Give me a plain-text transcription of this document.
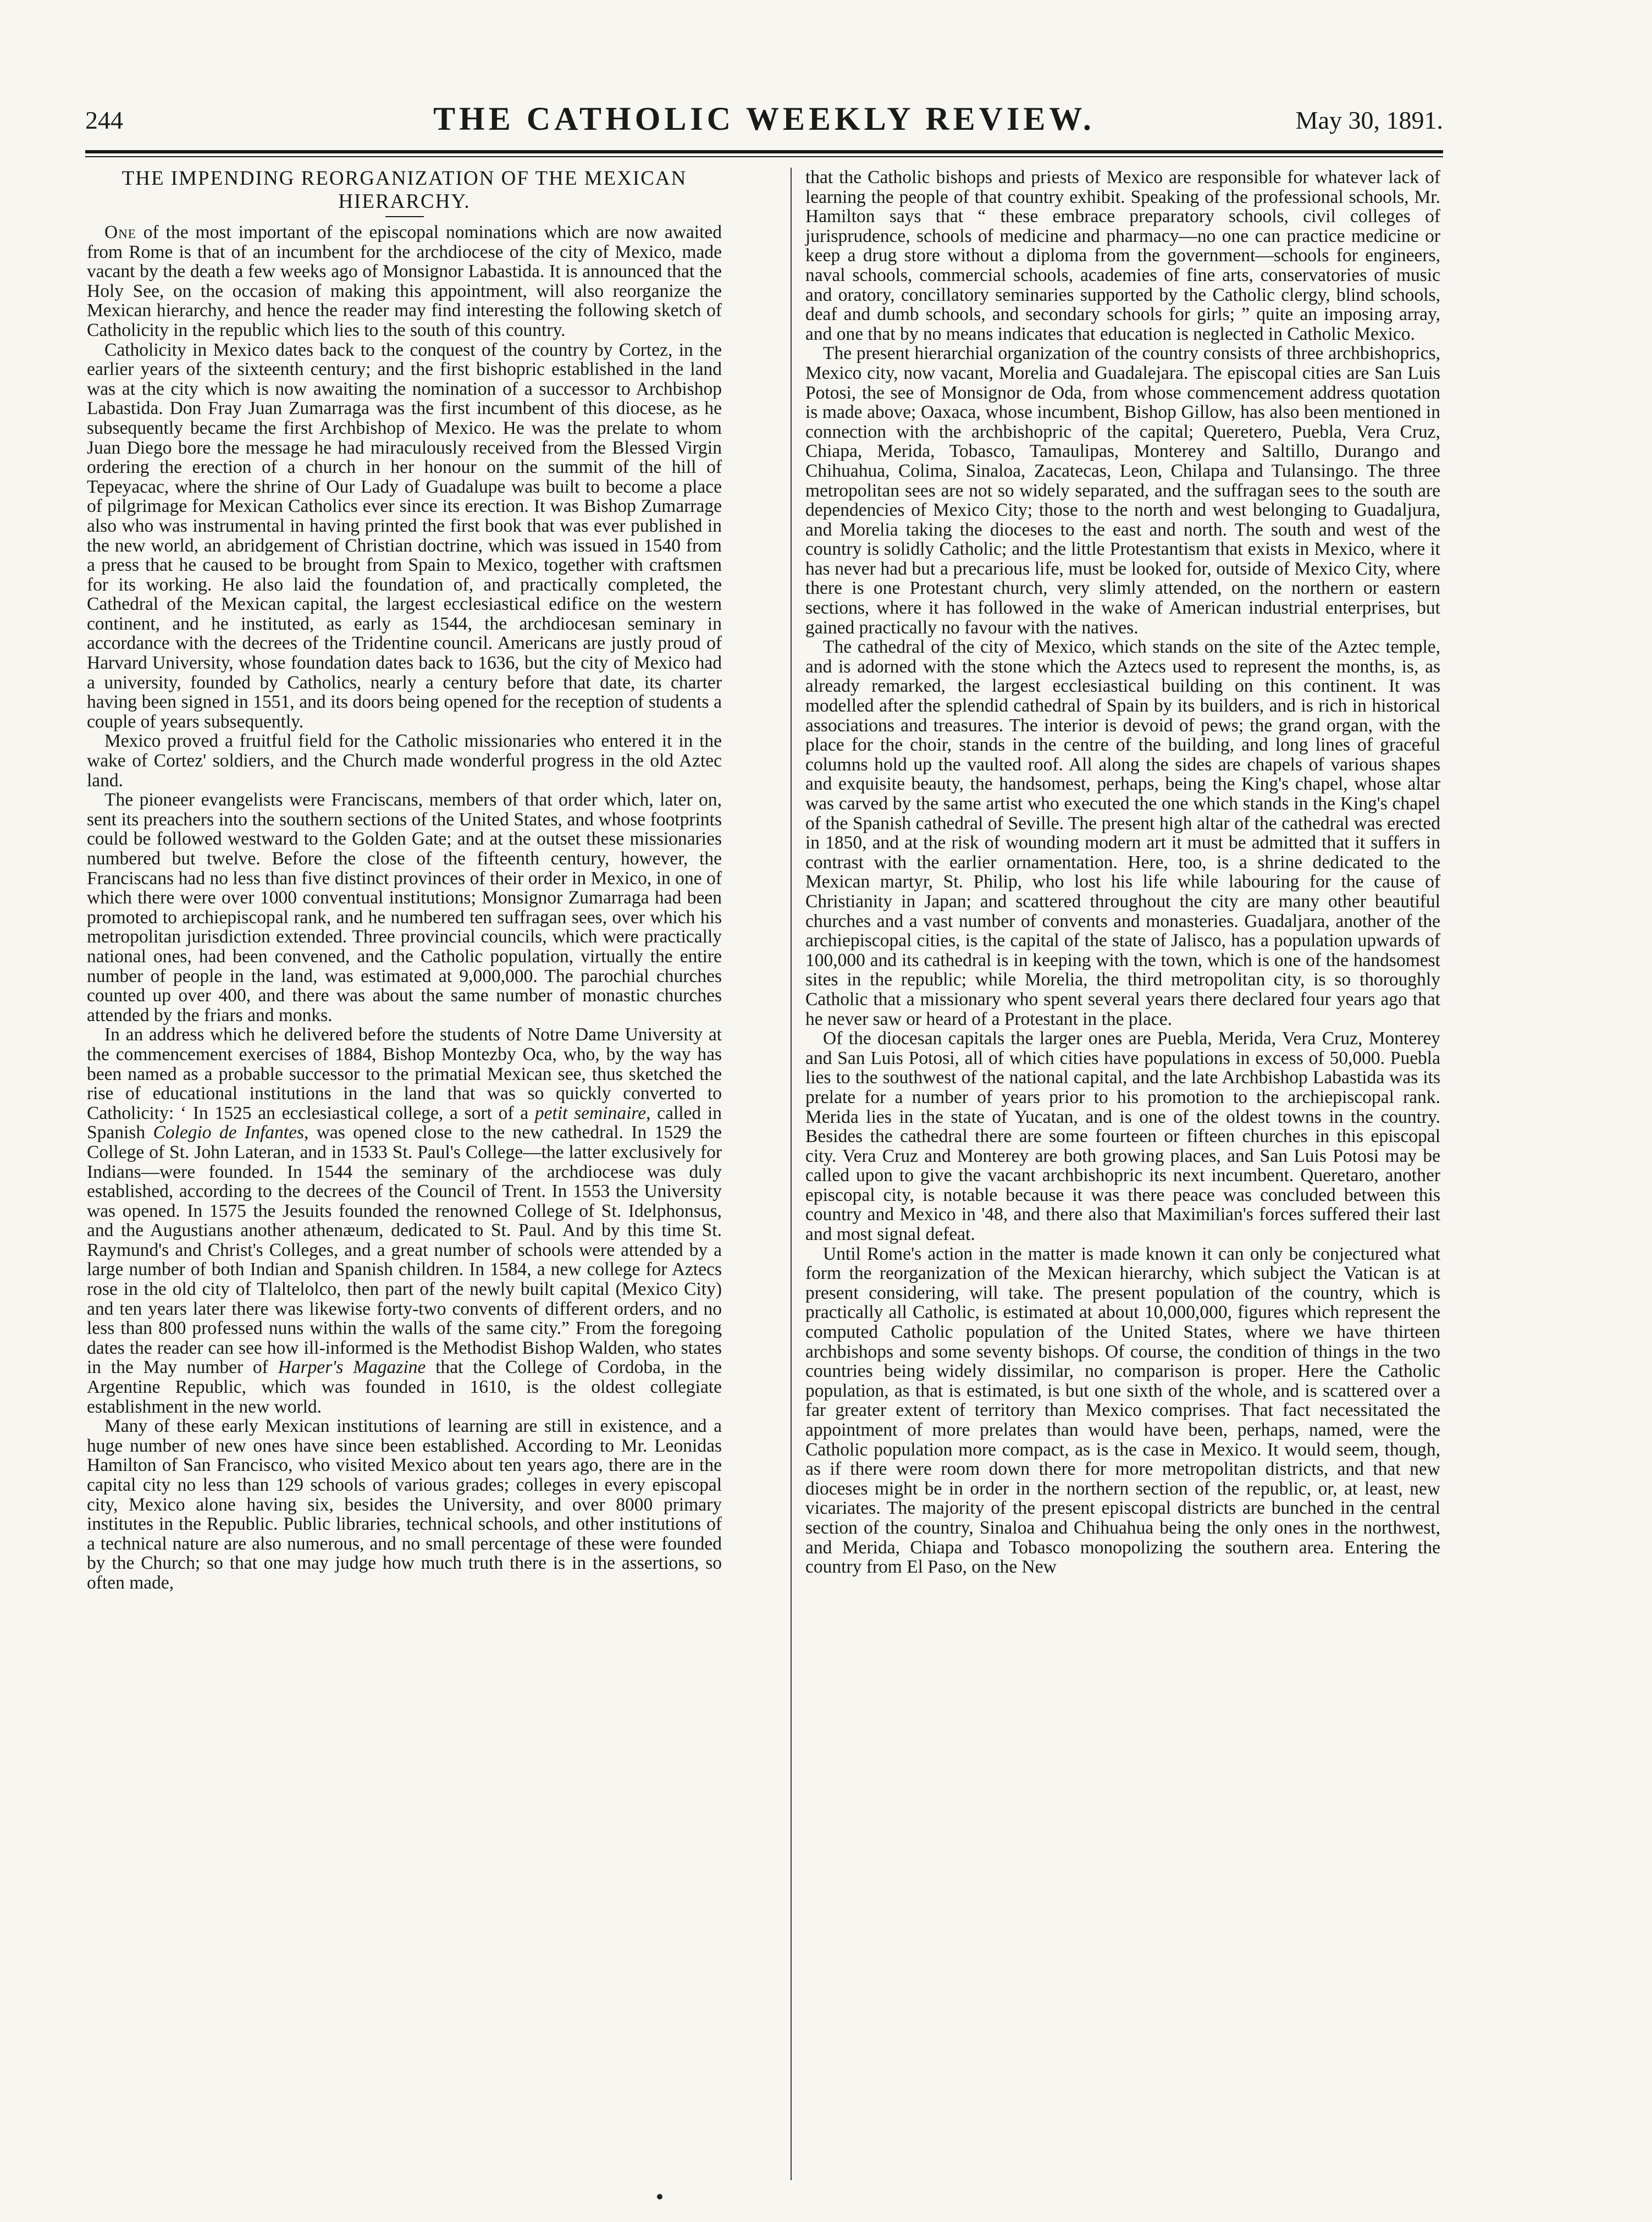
244	THE CATHOLIC WEEKLY REVIEW.	May 30, 1891.
THE IMPENDING REORGANIZATION OF THE MEXICAN
HIERARCHY.

One of the most important of the episcopal nominations which are now awaited from Rome is that of an incumbent for the archdiocese of the city of Mexico, made vacant by the death a few weeks ago of Monsignor Labastida. It is announced that the Holy See, on the occasion of making this appointment, will also reorganize the Mexican hierarchy, and hence the reader may find interesting the following sketch of Catholicity in the republic which lies to the south of this country.

Catholicity in Mexico dates back to the conquest of the country by Cortez, in the earlier years of the sixteenth century; and the first bishopric established in the land was at the city which is now awaiting the nomination of a successor to Archbishop Labastida. Don Fray Juan Zumarraga was the first incumbent of this diocese, as he subsequently became the first Archbishop of Mexico. He was the prelate to whom Juan Diego bore the message he had miraculously received from the Blessed Virgin ordering the erection of a church in her honour on the summit of the hill of Tepeyacac, where the shrine of Our Lady of Guadalupe was built to become a place of pilgrimage for Mexican Catholics ever since its erection. It was Bishop Zumarrage also who was instrumental in having printed the first book that was ever published in the new world, an abridgement of Christian doctrine, which was issued in 1540 from a press that he caused to be brought from Spain to Mexico, together with craftsmen for its working. He also laid the foundation of, and practically completed, the Cathedral of the Mexican capital, the largest ecclesiastical edifice on the western continent, and he instituted, as early as 1544, the archdiocesan seminary in accordance with the decrees of the Tridentine council. Americans are justly proud of Harvard University, whose foundation dates back to 1636, but the city of Mexico had a university, founded by Catholics, nearly a century before that date, its charter having been signed in 1551, and its doors being opened for the reception of students a couple of years subsequently.

Mexico proved a fruitful field for the Catholic missionaries who entered it in the wake of Cortez' soldiers, and the Church made wonderful progress in the old Aztec land.

The pioneer evangelists were Franciscans, members of that order which, later on, sent its preachers into the southern sections of the United States, and whose footprints could be followed westward to the Golden Gate; and at the outset these missionaries numbered but twelve. Before the close of the fifteenth century, however, the Franciscans had no less than five distinct provinces of their order in Mexico, in one of which there were over 1000 conventual institutions; Monsignor Zumarraga had been promoted to archiepiscopal rank, and he numbered ten suffragan sees, over which his metropolitan jurisdiction extended. Three provincial councils, which were practically national ones, had been convened, and the Catholic population, virtually the entire number of people in the land, was estimated at 9,000,000. The parochial churches counted up over 400, and there was about the same number of monastic churches attended by the friars and monks.

In an address which he delivered before the students of Notre Dame University at the commencement exercises of 1884, Bishop Montezby Oca, who, by the way has been named as a probable successor to the primatial Mexican see, thus sketched the rise of educational institutions in the land that was so quickly converted to Catholicity: ‘ In 1525 an ecclesiastical college, a sort of a petit seminaire, called in Spanish Colegio de Infantes, was opened close to the new cathedral. In 1529 the College of St. John Lateran, and in 1533 St. Paul's College—the latter exclusively for Indians—were founded. In 1544 the seminary of the archdiocese was duly established, according to the decrees of the Council of Trent. In 1553 the University was opened. In 1575 the Jesuits founded the renowned College of St. Idelphonsus, and the Augustians another athenæum, dedicated to St. Paul. And by this time St. Raymund's and Christ's Colleges, and a great number of schools were attended by a large number of both Indian and Spanish children. In 1584, a new college for Aztecs rose in the old city of Tlaltelolco, then part of the newly built capital (Mexico City) and ten years later there was likewise forty-two convents of different orders, and no less than 800 professed nuns within the walls of the same city.” From the foregoing dates the reader can see how ill-informed is the Methodist Bishop Walden, who states in the May number of Harper's Magazine that the College of Cordoba, in the Argentine Republic, which was founded in 1610, is the oldest collegiate establishment in the new world.

Many of these early Mexican institutions of learning are still in existence, and a huge number of new ones have since been established. According to Mr. Leonidas Hamilton of San Francisco, who visited Mexico about ten years ago, there are in the capital city no less than 129 schools of various grades; colleges in every episcopal city, Mexico alone having six, besides the University, and over 8000 primary institutes in the Republic. Public libraries, technical schools, and other institutions of a technical nature are also numerous, and no small percentage of these were founded by the Church; so that one may judge how much truth there is in the assertions, so often made,

that the Catholic bishops and priests of Mexico are responsible for whatever lack of learning the people of that country exhibit. Speaking of the professional schools, Mr. Hamilton says that “ these embrace preparatory schools, civil colleges of jurisprudence, schools of medicine and pharmacy—no one can practice medicine or keep a drug store without a diploma from the government—schools for engineers, naval schools, commercial schools, academies of fine arts, conservatories of music and oratory, concillatory seminaries supported by the Catholic clergy, blind schools, deaf and dumb schools, and secondary schools for girls; ” quite an imposing array, and one that by no means indicates that education is neglected in Catholic Mexico.

The present hierarchial organization of the country consists of three archbishoprics, Mexico city, now vacant, Morelia and Guadalejara. The episcopal cities are San Luis Potosi, the see of Monsignor de Oda, from whose commencement address quotation is made above; Oaxaca, whose incumbent, Bishop Gillow, has also been mentioned in connection with the archbishopric of the capital; Queretero, Puebla, Vera Cruz, Chiapa, Merida, Tobasco, Tamaulipas, Monterey and Saltillo, Durango and Chihuahua, Colima, Sinaloa, Zacatecas, Leon, Chilapa and Tulansingo. The three metropolitan sees are not so widely separated, and the suffragan sees to the south are dependencies of Mexico City; those to the north and west belonging to Guadaljura, and Morelia taking the dioceses to the east and north. The south and west of the country is solidly Catholic; and the little Protestantism that exists in Mexico, where it has never had but a precarious life, must be looked for, outside of Mexico City, where there is one Protestant church, very slimly attended, on the northern or eastern sections, where it has followed in the wake of American industrial enterprises, but gained practically no favour with the natives.

The cathedral of the city of Mexico, which stands on the site of the Aztec temple, and is adorned with the stone which the Aztecs used to represent the months, is, as already remarked, the largest ecclesiastical building on this continent. It was modelled after the splendid cathedral of Spain by its builders, and is rich in historical associations and treasures. The interior is devoid of pews; the grand organ, with the place for the choir, stands in the centre of the building, and long lines of graceful columns hold up the vaulted roof. All along the sides are chapels of various shapes and exquisite beauty, the handsomest, perhaps, being the King's chapel, whose altar was carved by the same artist who executed the one which stands in the King's chapel of the Spanish cathedral of Seville. The present high altar of the cathedral was erected in 1850, and at the risk of wounding modern art it must be admitted that it suffers in contrast with the earlier ornamentation. Here, too, is a shrine dedicated to the Mexican martyr, St. Philip, who lost his life while labouring for the cause of Christianity in Japan; and scattered throughout the city are many other beautiful churches and a vast number of convents and monasteries. Guadaljara, another of the archiepiscopal cities, is the capital of the state of Jalisco, has a population upwards of 100,000 and its cathedral is in keeping with the town, which is one of the handsomest sites in the republic; while Morelia, the third metropolitan city, is so thoroughly Catholic that a missionary who spent several years there declared four years ago that he never saw or heard of a Protestant in the place.

Of the diocesan capitals the larger ones are Puebla, Merida, Vera Cruz, Monterey and San Luis Potosi, all of which cities have populations in excess of 50,000. Puebla lies to the southwest of the national capital, and the late Archbishop Labastida was its prelate for a number of years prior to his promotion to the archiepiscopal rank. Merida lies in the state of Yucatan, and is one of the oldest towns in the country. Besides the cathedral there are some fourteen or fifteen churches in this episcopal city. Vera Cruz and Monterey are both growing places, and San Luis Potosi may be called upon to give the vacant archbishopric its next incumbent. Queretaro, another episcopal city, is notable because it was there peace was concluded between this country and Mexico in '48, and there also that Maximilian's forces suffered their last and most signal defeat.

Until Rome's action in the matter is made known it can only be conjectured what form the reorganization of the Mexican hierarchy, which subject the Vatican is at present considering, will take. The present population of the country, which is practically all Catholic, is estimated at about 10,000,000, figures which represent the computed Catholic population of the United States, where we have thirteen archbishops and some seventy bishops. Of course, the condition of things in the two countries being widely dissimilar, no comparison is proper. Here the Catholic population, as that is estimated, is but one sixth of the whole, and is scattered over a far greater extent of territory than Mexico comprises. That fact necessitated the appointment of more prelates than would have been, perhaps, named, were the Catholic population more compact, as is the case in Mexico. It would seem, though, as if there were room down there for more metropolitan districts, and that new dioceses might be in order in the northern section of the republic, or, at least, new vicariates. The majority of the present episcopal districts are bunched in the central section of the country, Sinaloa and Chihuahua being the only ones in the northwest, and Merida, Chiapa and Tobasco monopolizing the southern area. Entering the country from El Paso, on the New
